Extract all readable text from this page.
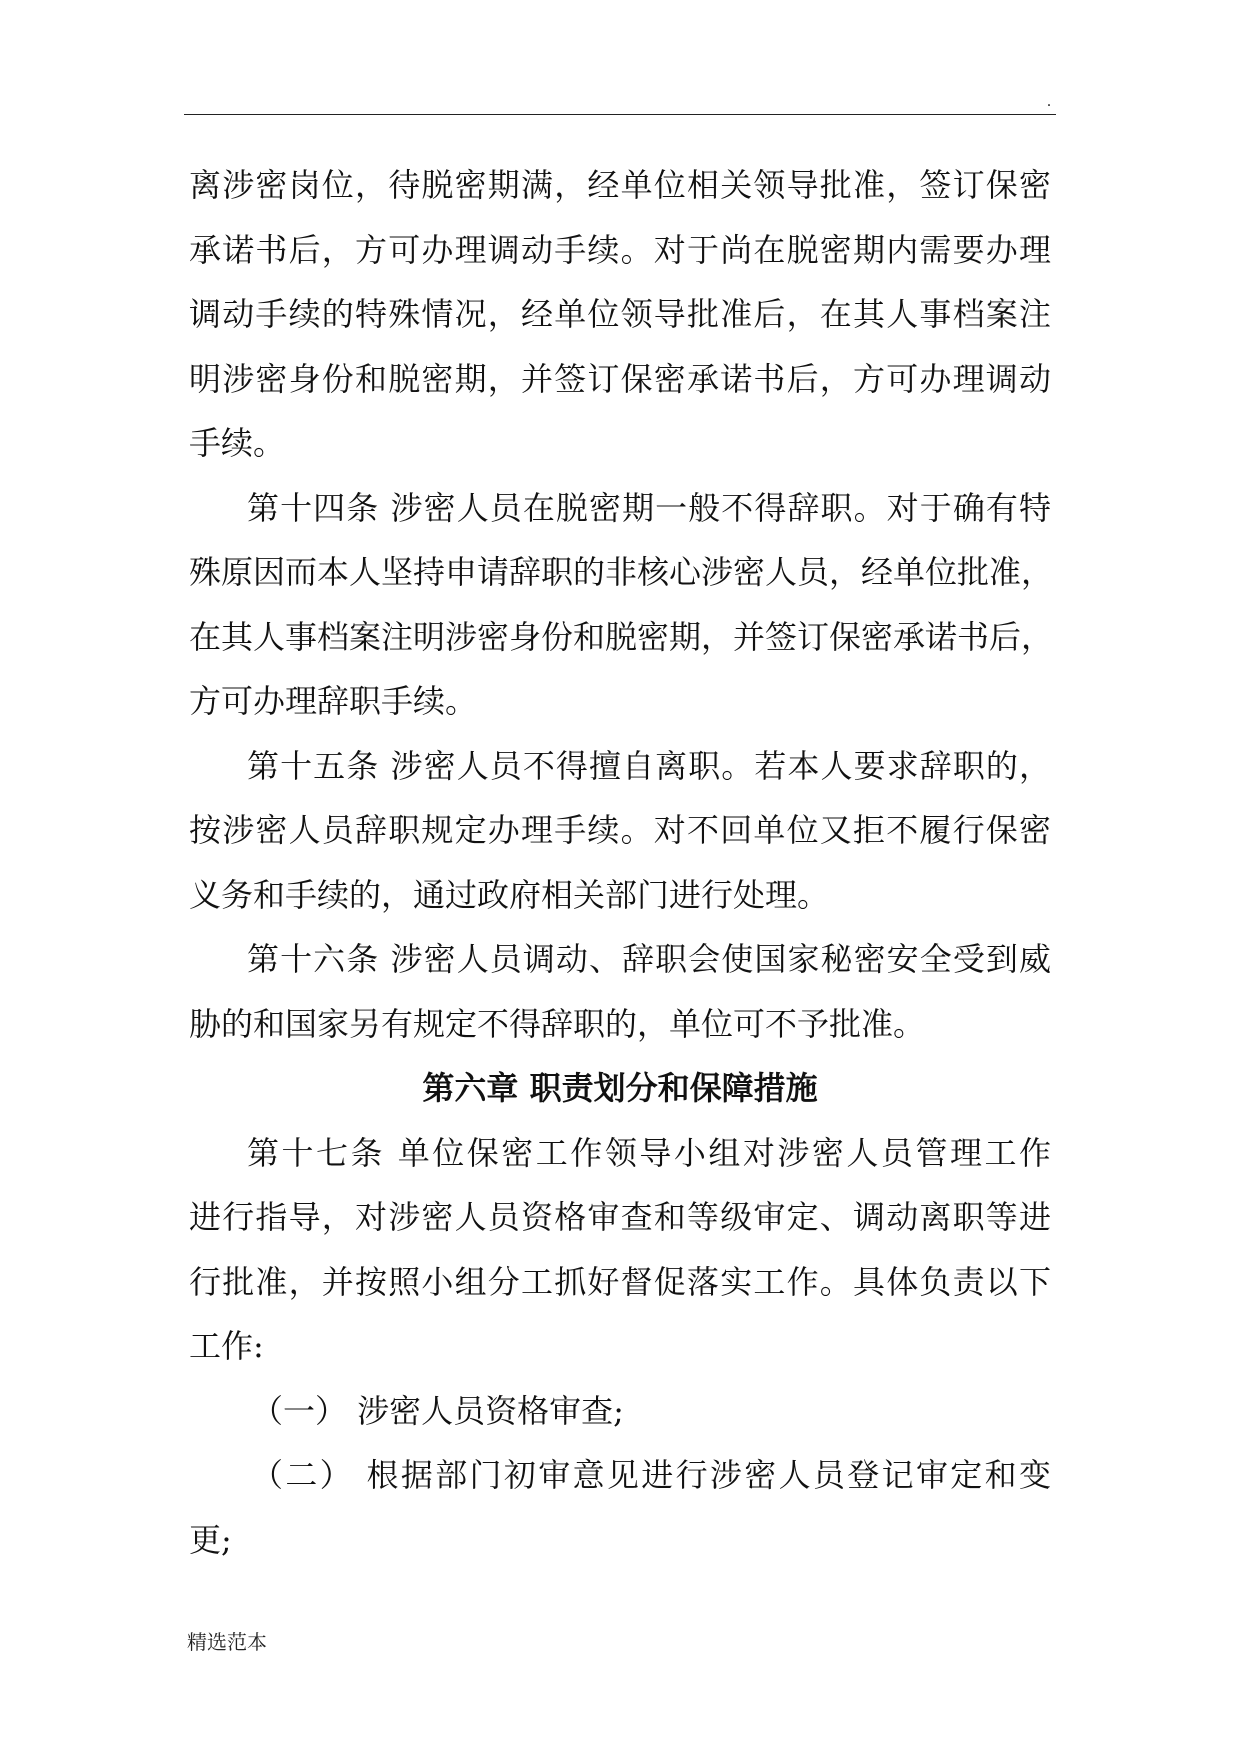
.
离涉密岗位，待脱密期满，经单位相关领导批准，签订保密
承诺书后，方可办理调动手续。对于尚在脱密期内需要办理
调动手续的特殊情况，经单位领导批准后，在其人事档案注
明涉密身份和脱密期，并签订保密承诺书后，方可办理调动
手续。
第十四条 涉密人员在脱密期一般不得辞职。对于确有特
殊原因而本人坚持申请辞职的非核心涉密人员，经单位批准，
在其人事档案注明涉密身份和脱密期，并签订保密承诺书后，
方可办理辞职手续。
第十五条 涉密人员不得擅自离职。若本人要求辞职的，
按涉密人员辞职规定办理手续。对不回单位又拒不履行保密
义务和手续的，通过政府相关部门进行处理。
第十六条 涉密人员调动、辞职会使国家秘密安全受到威
胁的和国家另有规定不得辞职的，单位可不予批准。
第六章 职责划分和保障措施
第十七条 单位保密工作领导小组对涉密人员管理工作
进行指导，对涉密人员资格审查和等级审定、调动离职等进
行批准，并按照小组分工抓好督促落实工作。具体负责以下
工作:
（一） 涉密人员资格审查;
（二） 根据部门初审意见进行涉密人员登记审定和变
更;
精选范本
